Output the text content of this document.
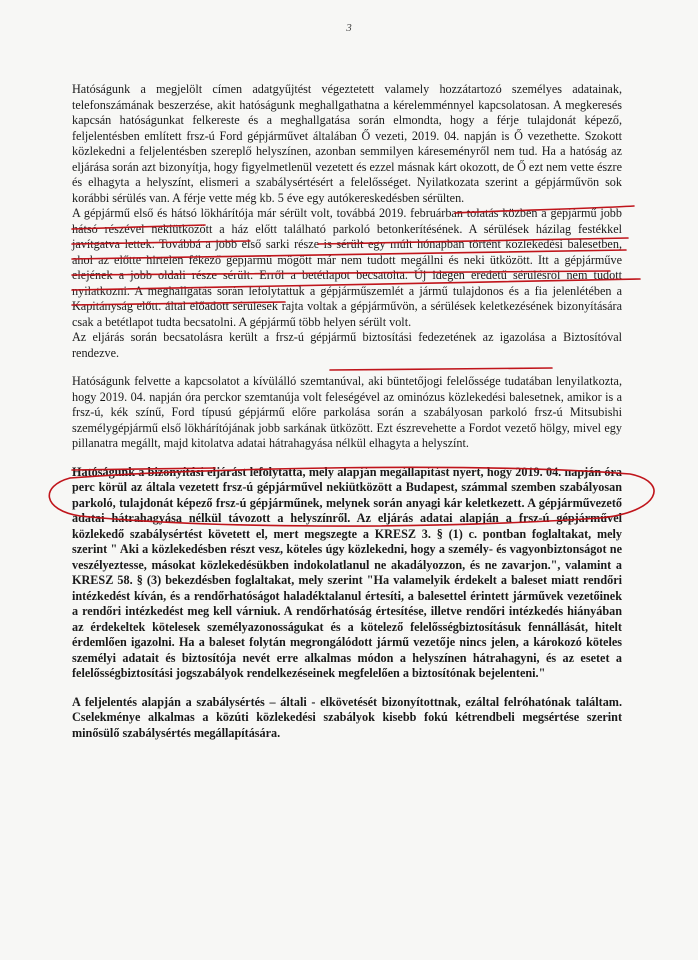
3

Hatóságunk a megjelölt címen adatgyűjtést végeztetett valamely hozzátartozó személyes adatainak, telefonszámának beszerzése, akit hatóságunk meghallgathatna a kérelemménnyel kapcsolatosan. A megkeresés kapcsán hatóságunkat felkereste és a meghallgatása során elmondta, hogy a férje tulajdonát képező, feljelentésben említett frsz-ú Ford gépjárművet általában Ő vezeti, 2019. 04. napján is Ő vezethette. Szokott közlekedni a feljelentésben szereplő helyszínen, azonban semmilyen káreseményről nem tud. Ha a hatóság az eljárása során azt bizonyítja, hogy figyelmetlenül vezetett és ezzel másnak kárt okozott, de Ő ezt nem vette észre és elhagyta a helyszínt, elismeri a szabálysértésért a felelősséget. Nyilatkozata szerint a gépjárművön sok korábbi sérülés van. A férje vette még kb. 5 éve egy autókereskedésben sérülten.

A gépjármű első és hátsó lökhárítója már sérült volt, továbbá 2019. februárban tolatás közben a gépjármű jobb hátsó részével nekiütközött a ház előtt található parkoló betonkerítésének. A sérülések házilag festékkel javítgatva lettek. Továbbá a jobb első sarki része is sérült egy múlt hónapban történt közlekedési balesetben, ahol az előtte hirtelen fékező gépjármű mögött már nem tudott megállni és neki ütközött. Itt a gépjárműve elejének a jobb oldali része sérült. Erről a betétlapot becsatolta. Új idegen eredetű sérülésről nem tudott nyilatkozni. A meghallgatás során lefolytattuk a gépjárműszemlét a jármű tulajdonos és a fia jelenlétében a Kapitányság előtt. által előadott sérülések rajta voltak a gépjárművön, a sérülések keletkezésének bizonyítására csak a betétlapot tudta becsatolni. A gépjármű több helyen sérült volt.

Az eljárás során becsatolásra került a frsz-ú gépjármű biztosítási fedezetének az igazolása a Biztosítóval rendezve.

Hatóságunk felvette a kapcsolatot a kívülálló szemtanúval, aki büntetőjogi felelőssége tudatában lenyilatkozta, hogy 2019. 04. napján óra perckor szemtanúja volt feleségével az ominózus közlekedési balesetnek, amikor is a frsz-ú, kék színű, Ford típusú gépjármű előre parkolása során a szabályosan parkoló frsz-ú Mitsubishi személygépjármű első lökhárítójának jobb sarkának ütközött. Ezt észrevehette a Fordot vezető hölgy, mivel egy pillanatra megállt, majd kitolatva adatai hátrahagyása nélkül elhagyta a helyszínt.

Hatóságunk a bizonyítási eljárást lefolytatta, mely alapján megállapítást nyert, hogy 2019. 04. napján óra perc körül az általa vezetett frsz-ú gépjárművel nekiütközött a Budapest, számmal szemben szabályosan parkoló, tulajdonát képező frsz-ú gépjárműnek, melynek során anyagi kár keletkezett. A gépjárművezető adatai hátrahagyása nélkül távozott a helyszínről. Az eljárás adatai alapján a frsz-ú gépjárművel közlekedő szabálysértést követett el, mert megszegte a KRESZ 3. § (1) c. pontban foglaltakat, mely szerint " Aki a közlekedésben részt vesz, köteles úgy közlekedni, hogy a személy- és vagyonbiztonságot ne veszélyeztesse, másokat közlekedésükben indokolatlanul ne akadályozzon, és ne zavarjon.", valamint a KRESZ 58. § (3) bekezdésben foglaltakat, mely szerint "Ha valamelyik érdekelt a baleset miatt rendőri intézkedést kíván, és a rendőrhatóságot haladéktalanul értesíti, a balesettel érintett járművek vezetőinek a rendőri intézkedést meg kell várniuk. A rendőrhatóság értesítése, illetve rendőri intézkedés hiányában az érdekeltek kötelesek személyazonosságukat és a kötelező felelősségbiztosításuk fennállását, hitelt érdemlően igazolni. Ha a baleset folytán megrongálódott jármű vezetője nincs jelen, a károkozó köteles személyi adatait és biztosítója nevét erre alkalmas módon a helyszínen hátrahagyni, és az esetet a felelősségbiztosítási jogszabályok rendelkezéseinek megfelelően a biztosítónak bejelenteni."

A feljelentés alapján a szabálysértés – általi - elkövetését bizonyítottnak, ezáltal felróhatónak találtam. Cselekménye alkalmas a közúti közlekedési szabályok kisebb fokú kétrendbeli megsértése szerint minősülő szabálysértés megállapítására.
